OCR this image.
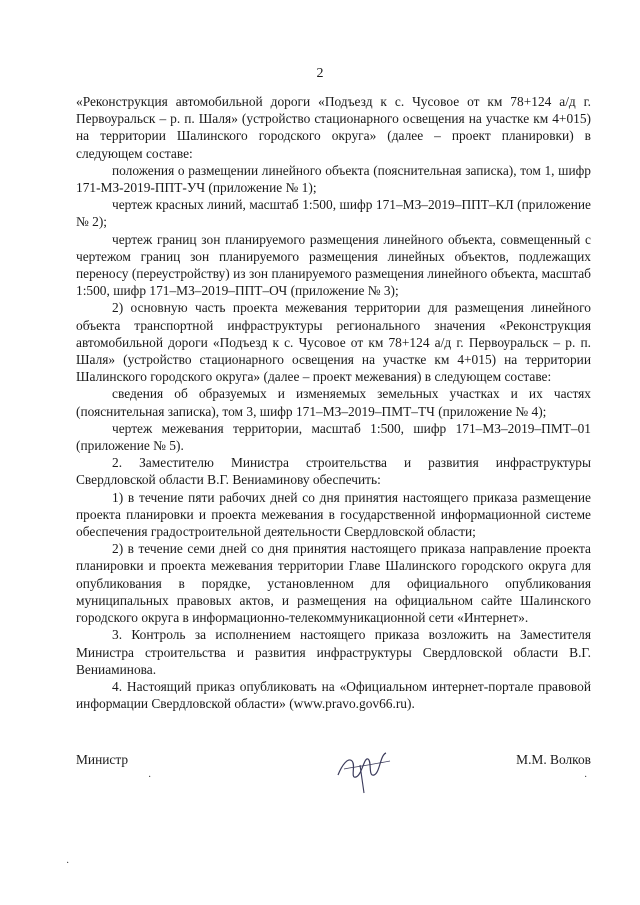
2

«Реконструкция автомобильной дороги «Подъезд к с. Чусовое от км 78+124 а/д г. Первоуральск – р. п. Шаля» (устройство стационарного освещения на участке км 4+015) на территории Шалинского городского округа» (далее – проект планировки) в следующем составе:

положения о размещении линейного объекта (пояснительная записка), том 1, шифр 171-МЗ-2019-ППТ-УЧ (приложение № 1);

чертеж красных линий, масштаб 1:500, шифр 171–МЗ–2019–ППТ–КЛ (приложение № 2);

чертеж границ зон планируемого размещения линейного объекта, совмещенный с чертежом границ зон планируемого размещения линейных объектов, подлежащих переносу (переустройству) из зон планируемого размещения линейного объекта, масштаб 1:500, шифр 171–МЗ–2019–ППТ–ОЧ (приложение № 3);

2) основную часть проекта межевания территории для размещения линейного объекта транспортной инфраструктуры регионального значения «Реконструкция автомобильной дороги «Подъезд к с. Чусовое от км 78+124 а/д г. Первоуральск – р. п. Шаля» (устройство стационарного освещения на участке км 4+015) на территории Шалинского городского округа» (далее – проект межевания) в следующем составе:

сведения об образуемых и изменяемых земельных участках и их частях (пояснительная записка), том 3, шифр 171–МЗ–2019–ПМТ–ТЧ (приложение № 4);

чертеж межевания территории, масштаб 1:500, шифр 171–МЗ–2019–ПМТ–01 (приложение № 5).

2. Заместителю Министра строительства и развития инфраструктуры Свердловской области В.Г. Вениаминову обеспечить:

1) в течение пяти рабочих дней со дня принятия настоящего приказа размещение проекта планировки и проекта межевания в государственной информационной системе обеспечения градостроительной деятельности Свердловской области;

2) в течение семи дней со дня принятия настоящего приказа направление проекта планировки и проекта межевания территории Главе Шалинского городского округа для опубликования в порядке, установленном для официального опубликования муниципальных правовых актов, и размещения на официальном сайте Шалинского городского округа в информационно-телекоммуникационной сети «Интернет».

3. Контроль за исполнением настоящего приказа возложить на Заместителя Министра строительства и развития инфраструктуры Свердловской области В.Г. Вениаминова.

4. Настоящий приказ опубликовать на «Официальном интернет-портале правовой информации Свердловской области» (www.pravo.gov66.ru).

Министр	М.М. Волков
·	·
·
